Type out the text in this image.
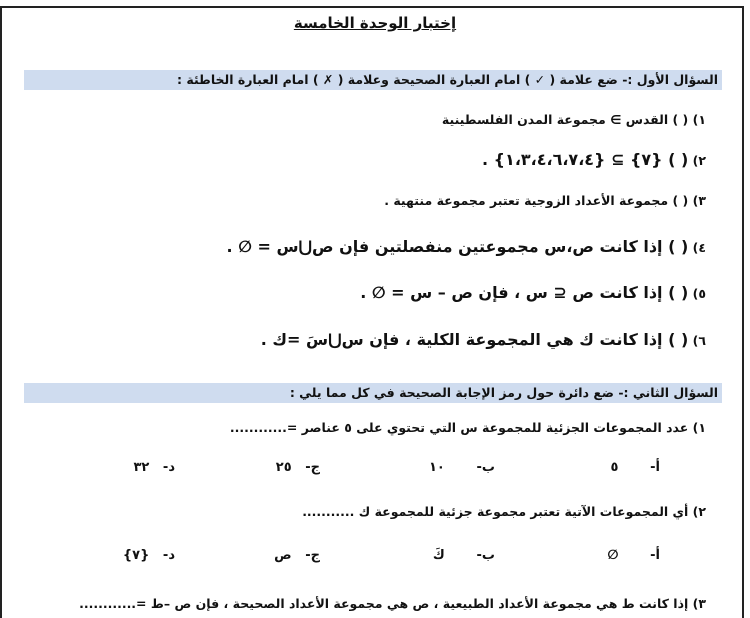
إختبار الوحدة الخامسة
السؤال الأول :- ضع علامة ( ✓ ) امام العبارة الصحيحة وعلامة ( ✗ ) امام العبارة الخاطئة :
١) ( ) القدس ∋ مجموعة المدن الفلسطينية
٢) ( ) {٧} ⊇ {١،٣،٤،٦،٧،٤} .
٣) ( ) مجموعة الأعداد الزوجية تعتبر مجموعة منتهية .
٤) ( ) إذا كانت ص،س مجموعتين منفصلتين فإن ص⋃س = ∅ .
٥) ( ) إذا كانت ص ⊆ س ، فإن ص – س = ∅ .
٦) ( ) إذا كانت ك هي المجموعة الكلية ، فإن س⋃سَ =ك .
السؤال الثاني :- ضع دائرة حول رمز الإجابة الصحيحة في كل مما يلي :
١) عدد المجموعات الجزئية للمجموعة س التي تحتوي على ٥ عناصر =............
أ-       ٥
ب-       ١٠
ج-   ٢٥
د-   ٣٢
٢) أي المجموعات الآتية تعتبر مجموعة جزئية للمجموعة ك ...........
أ-       ∅
ب-       كَ
ج-   ص
د-   {٧}
٣) إذا كانت ط هي مجموعة الأعداد الطبيعية ، ص هي مجموعة الأعداد الصحيحة ، فإن ص –ط =............
